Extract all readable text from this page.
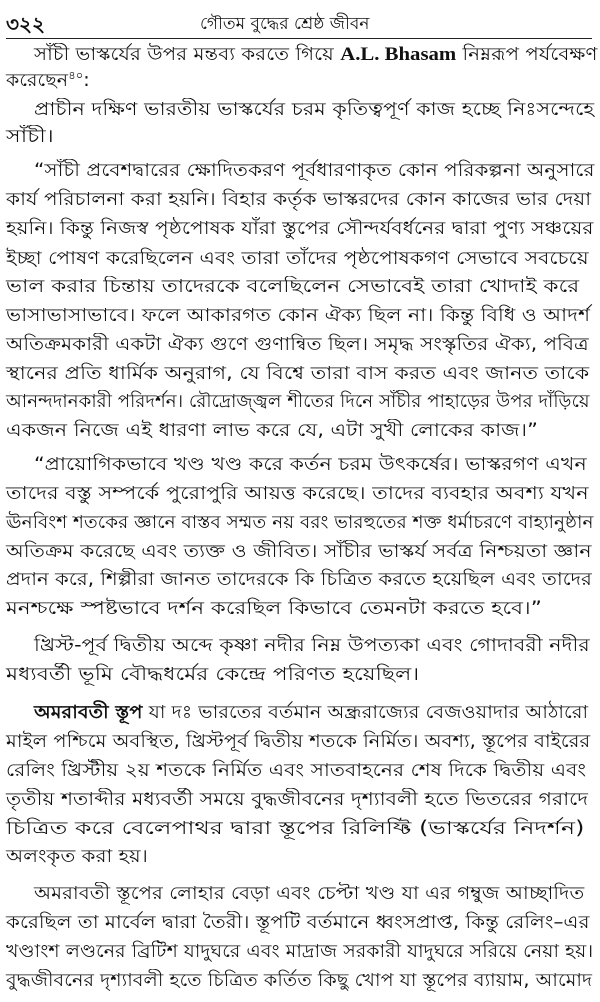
৩২২	গৌতম বুদ্ধের শ্রেষ্ঠ জীবন
সাঁচী ভাস্কর্যের উপর মন্তব্য করতে গিয়ে A.L. Bhasam নিম্নরূপ পর্যবেক্ষণ
করেছেন$^{৪০}$:
প্রাচীন দক্ষিণ ভারতীয় ভাস্কর্যের চরম কৃতিত্বপূর্ণ কাজ হচ্ছে নিঃসন্দেহে
সাঁচী।
“সাঁচী প্রবেশদ্বারের ক্ষোদিতকরণ পূর্বধারণাকৃত কোন পরিকল্পনা অনুসারে
কার্য পরিচালনা করা হয়নি। বিহার কর্তৃক ভাস্করদের কোন কাজের ভার দেয়া
হয়নি। কিন্তু নিজস্ব পৃষ্ঠপোষক যাঁরা স্তুপের সৌন্দর্যবর্ধনের দ্বারা পুণ্য সঞ্চয়ের
ইচ্ছা পোষণ করেছিলেন এবং তারা তাঁদের পৃষ্ঠপোষকগণ সেভাবে সবচেয়ে
ভাল করার চিন্তায় তাদেরকে বলেছিলেন সেভাবেই তারা খোদাই করে
ভাসাভাসাভাবে। ফলে আকারগত কোন ঐক্য ছিল না। কিন্তু বিধি ও আদর্শ
অতিক্রমকারী একটা ঐক্য গুণে গুণান্বিত ছিল। সমৃদ্ধ সংস্কৃতির ঐক্য, পবিত্র
স্থানের প্রতি ধার্মিক অনুরাগ, যে বিশ্বে তারা বাস করত এবং জানত তাকে
আনন্দদানকারী পরিদর্শন। রৌদ্রোজ্জ্বল শীতের দিনে সাঁচীর পাহাড়ের উপর দাঁড়িয়ে
একজন নিজে এই ধারণা লাভ করে যে, এটা সুখী লোকের কাজ।”
“প্রায়োগিকভাবে খণ্ড খণ্ড করে কর্তন চরম উৎকর্ষের। ভাস্করগণ এখন
তাদের বস্তু সম্পর্কে পুরোপুরি আয়ত্ত করেছে। তাদের ব্যবহার অবশ্য যখন
ঊনবিংশ শতকের জ্ঞানে বাস্তব সম্মত নয় বরং ভারহুতের শক্ত ধর্মাচরণে বাহ্যানুষ্ঠান
অতিক্রম করেছে এবং ত্যক্ত ও জীবিত। সাঁচীর ভাস্কর্য সর্বত্র নিশ্চয়তা জ্ঞান
প্রদান করে, শিল্পীরা জানত তাদেরকে কি চিত্রিত করতে হয়েছিল এবং তাদের
মনশ্চক্ষে স্পষ্টভাবে দর্শন করেছিল কিভাবে তেমনটা করতে হবে।”
খ্রিস্ট-পূর্ব দ্বিতীয় অব্দে কৃষ্ণা নদীর নিম্ন উপত্যকা এবং গোদাবরী নদীর
মধ্যবর্তী ভূমি বৌদ্ধধর্মের কেন্দ্রে পরিণত হয়েছিল।
অমরাবতী স্তূপ যা দঃ ভারতের বর্তমান অন্ধ্ররাজ্যের বেজওয়াদার আঠারো
মাইল পশ্চিমে অবস্থিত, খ্রিস্টপূর্ব দ্বিতীয় শতকে নির্মিত। অবশ্য, স্তূপের বাইরের
রেলিং খ্রিস্টীয় ২য় শতকে নির্মিত এবং সাতবাহনের শেষ দিকে দ্বিতীয় এবং
তৃতীয় শতাব্দীর মধ্যবর্তী সময়ে বুদ্ধজীবনের দৃশ্যাবলী হতে ভিতরের গরাদে
চিত্রিত করে বেলেপাথর দ্বারা স্তূপের রিলিফ্টি (ভাস্কর্যের নিদর্শন)
অলংকৃত করা হয়।
অমরাবতী স্তূপের লোহার বেড়া এবং চেপ্টা খণ্ড যা এর গম্বুজ আচ্ছাদিত
করেছিল তা মার্বেল দ্বারা তৈরী। স্তূপটি বর্তমানে ধ্বংসপ্রাপ্ত, কিন্তু রেলিং–এর
খণ্ডাংশ লণ্ডনের ব্রিটিশ যাদুঘরে এবং মাদ্রাজ সরকারী যাদুঘরে সরিয়ে নেয়া হয়।
বুদ্ধজীবনের দৃশ্যাবলী হতে চিত্রিত কর্তিত কিছু খোপ যা স্তূপের ব্যায়াম, আমোদ
